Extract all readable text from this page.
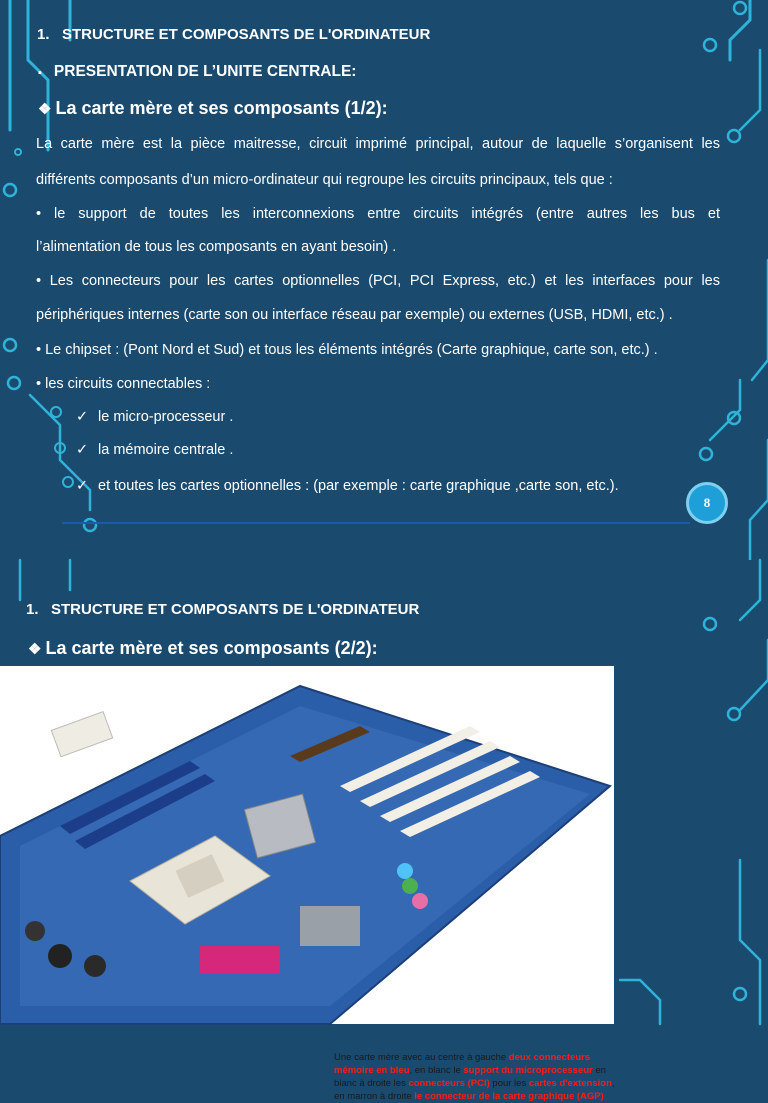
1.   STRUCTURE ET COMPOSANTS DE L'ORDINATEUR
▪ PRESENTATION DE L’UNITE CENTRALE:
❖ La carte mère et ses composants (1/2):
La carte mère est la pièce maitresse, circuit imprimé principal, autour de laquelle s’organisent les
différents composants d’un micro-ordinateur qui regroupe les circuits principaux, tels que :
• le support de toutes les interconnexions entre circuits intégrés (entre autres les bus et
l’alimentation de tous les composants en ayant besoin) .
• Les connecteurs pour les cartes optionnelles (PCI, PCI Express, etc.) et les interfaces pour les
périphériques internes (carte son ou interface réseau par exemple) ou externes (USB, HDMI, etc.) .
• Le chipset : (Pont Nord et Sud) et tous les éléments intégrés (Carte graphique, carte son, etc.) .
• les circuits connectables :
✓ le micro-processeur .
✓ la mémoire centrale .
✓ et toutes les cartes optionnelles : (par exemple : carte graphique ,carte son, etc.).
8
1.   STRUCTURE ET COMPOSANTS DE L'ORDINATEUR
❖ La carte mère et ses composants (2/2):
Une carte mère avec au centre à gauche deux connecteurs mémoire en bleu, en blanc le support du microprocesseur en blanc à droite les connecteurs (PCI) pour les cartes d'extension, en marron à droite le connecteur de la carte graphique (AGP)
